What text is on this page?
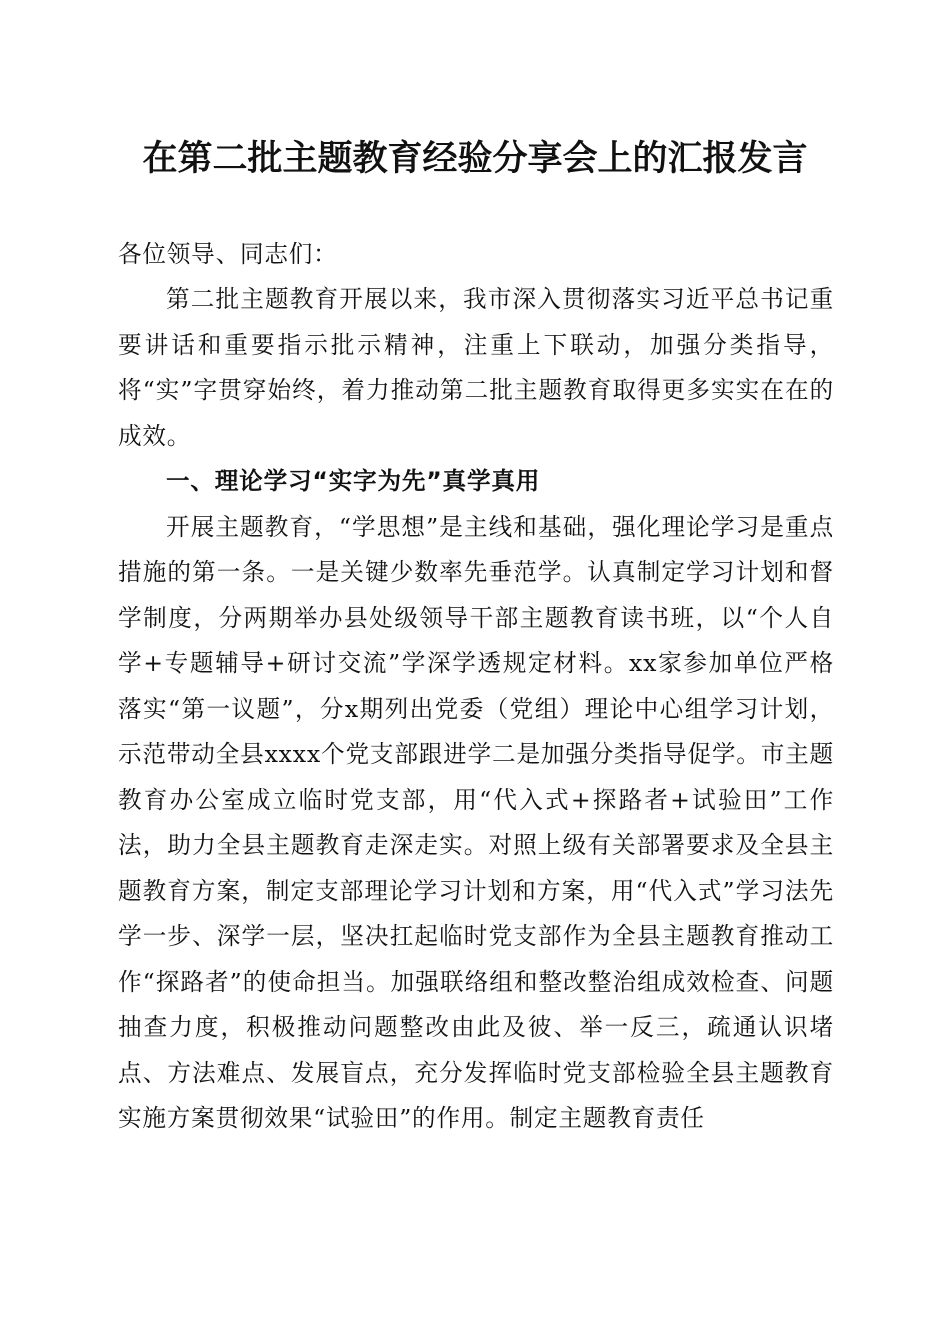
在第二批主题教育经验分享会上的汇报发言
各位领导、同志们：

第二批主题教育开展以来，我市深入贯彻落实习近平总书记重要讲话和重要指示批示精神，注重上下联动，加强分类指导，将“实”字贯穿始终，着力推动第二批主题教育取得更多实实在在的成效。

一、理论学习“实字为先”真学真用

开展主题教育，“学思想”是主线和基础，强化理论学习是重点措施的第一条。一是关键少数率先垂范学。认真制定学习计划和督学制度，分两期举办县处级领导干部主题教育读书班，以“个人自学+专题辅导+研讨交流”学深学透规定材料。xx家参加单位严格落实“第一议题”，分x期列出党委（党组）理论中心组学习计划，示范带动全县xxxx个党支部跟进学二是加强分类指导促学。市主题教育办公室成立临时党支部，用“代入式+探路者+试验田”工作法，助力全县主题教育走深走实。对照上级有关部署要求及全县主题教育方案，制定支部理论学习计划和方案，用“代入式”学习法先学一步、深学一层，坚决扛起临时党支部作为全县主题教育推动工作“探路者”的使命担当。加强联络组和整改整治组成效检查、问题抽查力度，积极推动问题整改由此及彼、举一反三，疏通认识堵点、方法难点、发展盲点，充分发挥临时党支部检验全县主题教育实施方案贯彻效果“试验田”的作用。制定主题教育责任
